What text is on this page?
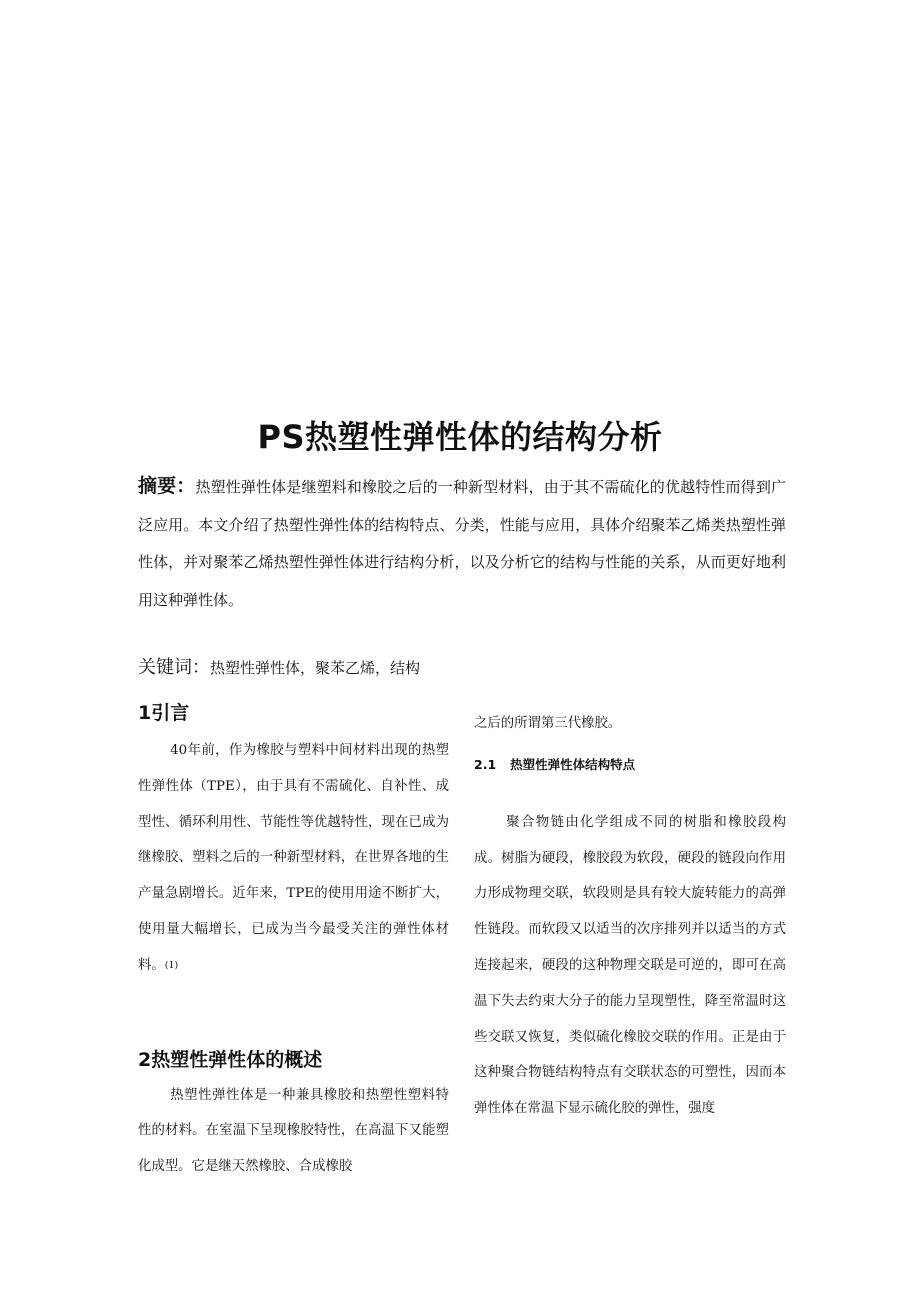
PS热塑性弹性体的结构分析

摘要：热塑性弹性体是继塑料和橡胶之后的一种新型材料，由于其不需硫化的优越特性而得到广泛应用。本文介绍了热塑性弹性体的结构特点、分类，性能与应用，具体介绍聚苯乙烯类热塑性弹性体，并对聚苯乙烯热塑性弹性体进行结构分析，以及分析它的结构与性能的关系，从而更好地利用这种弹性体。

关键词：热塑性弹性体，聚苯乙烯，结构

1引言

40年前，作为橡胶与塑料中间材料出现的热塑性弹性体（TPE），由于具有不需硫化、自补性、成型性、循环利用性、节能性等优越特性，现在已成为继橡胶、塑料之后的一种新型材料，在世界各地的生产量急剧增长。近年来，TPE的使用用途不断扩大，使用量大幅增长，已成为当今最受关注的弹性体材料。(1)

2热塑性弹性体的概述

热塑性弹性体是一种兼具橡胶和热塑性塑料特性的材料。在室温下呈现橡胶特性，在高温下又能塑化成型。它是继天然橡胶、合成橡胶

之后的所谓第三代橡胶。

2.1 热塑性弹性体结构特点

聚合物链由化学组成不同的树脂和橡胶段构成。树脂为硬段，橡胶段为软段，硬段的链段向作用力形成物理交联，软段则是具有较大旋转能力的高弹性链段。而软段又以适当的次序排列并以适当的方式连接起来，硬段的这种物理交联是可逆的，即可在高温下失去约束大分子的能力呈现塑性，降至常温时这些交联又恢复，类似硫化橡胶交联的作用。正是由于这种聚合物链结构特点有交联状态的可塑性，因而本弹性体在常温下显示硫化胶的弹性，强度
